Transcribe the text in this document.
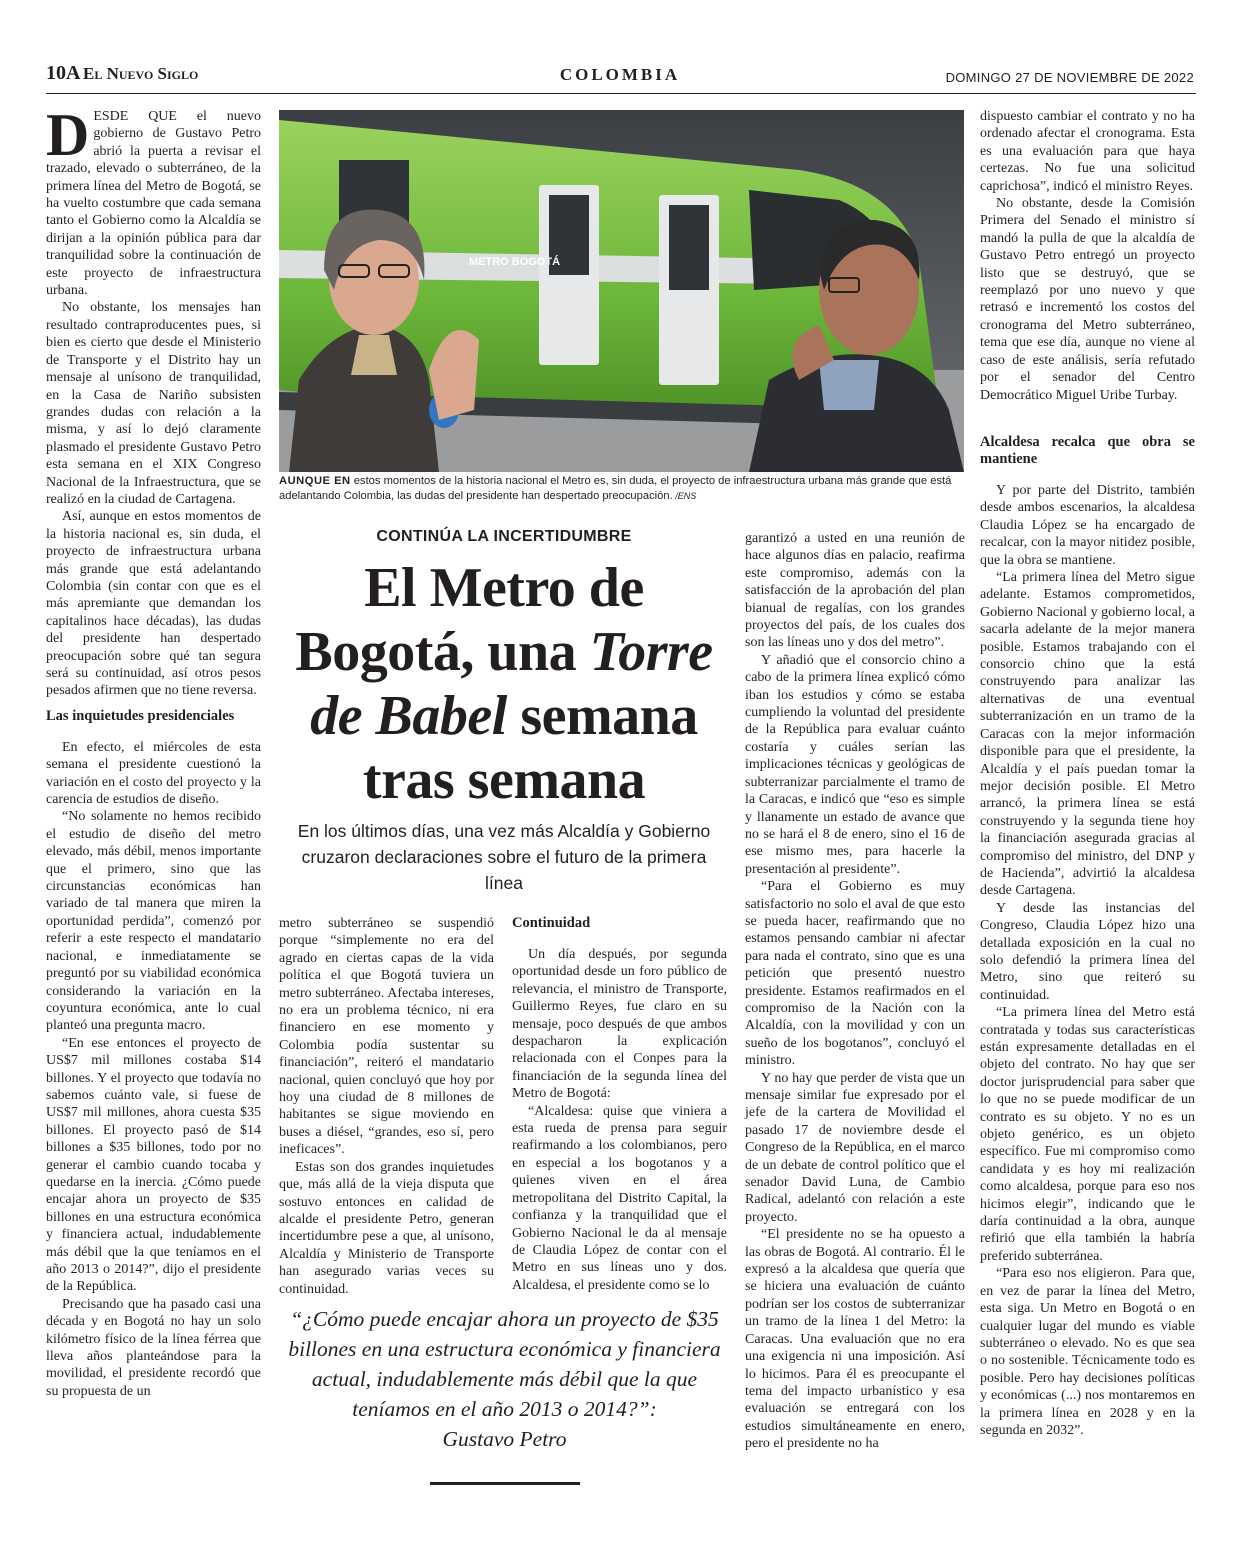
10A El Nuevo Siglo	COLOMBIA	DOMINGO 27 DE NOVIEMBRE DE 2022

DESDE QUE el nuevo gobierno de Gustavo Petro abrió la puerta a revisar el trazado, elevado o subterráneo, de la primera línea del Metro de Bogotá, se ha vuelto costumbre que cada semana tanto el Gobierno como la Alcaldía se dirijan a la opinión pública para dar tranquilidad sobre la continuación de este proyecto de infraestructura urbana.

No obstante, los mensajes han resultado contraproducentes pues, si bien es cierto que desde el Ministerio de Transporte y el Distrito hay un mensaje al unísono de tranquilidad, en la Casa de Nariño subsisten grandes dudas con relación a la misma, y así lo dejó claramente plasmado el presidente Gustavo Petro esta semana en el XIX Congreso Nacional de la Infraestructura, que se realizó en la ciudad de Cartagena.

Así, aunque en estos momentos de la historia nacional es, sin duda, el proyecto de infraestructura urbana más grande que está adelantando Colombia (sin contar con que es el más apremiante que demandan los capitalinos hace décadas), las dudas del presidente han despertado preocupación sobre qué tan segura será su continuidad, así otros pesos pesados afirmen que no tiene reversa.

Las inquietudes presidenciales

En efecto, el miércoles de esta semana el presidente cuestionó la variación en el costo del proyecto y la carencia de estudios de diseño.

“No solamente no hemos recibido el estudio de diseño del metro elevado, más débil, menos importante que el primero, sino que las circunstancias económicas han variado de tal manera que miren la oportunidad perdida”, comenzó por referir a este respecto el mandatario nacional, e inmediatamente se preguntó por su viabilidad económica considerando la variación en la coyuntura económica, ante lo cual planteó una pregunta macro.

“En ese entonces el proyecto de US$7 mil millones costaba $14 billones. Y el proyecto que todavía no sabemos cuánto vale, si fuese de US$7 mil millones, ahora cuesta $35 billones. El proyecto pasó de $14 billones a $35 billones, todo por no generar el cambio cuando tocaba y quedarse en la inercia. ¿Cómo puede encajar ahora un proyecto de $35 billones en una estructura económica y financiera actual, indudablemente más débil que la que teníamos en el año 2013 o 2014?”, dijo el presidente de la República.

Precisando que ha pasado casi una década y en Bogotá no hay un solo kilómetro físico de la línea férrea que lleva años planteándose para la movilidad, el presidente recordó que su propuesta de un

METRO BOGOTÁ
AUNQUE EN estos momentos de la historia nacional el Metro es, sin duda, el proyecto de infraestructura urbana más grande que está adelantando Colombia, las dudas del presidente han despertado preocupación. /ENS
CONTINÚA LA INCERTIDUMBRE
El Metro de Bogotá, una Torre de Babel semana tras semana
En los últimos días, una vez más Alcaldía y Gobierno cruzaron declaraciones sobre el futuro de la primera línea

metro subterráneo se suspendió porque “simplemente no era del agrado en ciertas capas de la vida política el que Bogotá tuviera un metro subterráneo. Afectaba intereses, no era un problema técnico, ni era financiero en ese momento y Colombia podía sustentar su financiación”, reiteró el mandatario nacional, quien concluyó que hoy por hoy una ciudad de 8 millones de habitantes se sigue moviendo en buses a diésel, “grandes, eso sí, pero ineficaces”.

Estas son dos grandes inquietudes que, más allá de la vieja disputa que sostuvo entonces en calidad de alcalde el presidente Petro, generan incertidumbre pese a que, al unísono, Alcaldía y Ministerio de Transporte han asegurado varias veces su continuidad.

Continuidad

Un día después, por segunda oportunidad desde un foro público de relevancia, el ministro de Transporte, Guillermo Reyes, fue claro en su mensaje, poco después de que ambos despacharon la explicación relacionada con el Conpes para la financiación de la segunda línea del Metro de Bogotá:

“Alcaldesa: quise que viniera a esta rueda de prensa para seguir reafirmando a los colombianos, pero en especial a los bogotanos y a quienes viven en el área metropolitana del Distrito Capital, la confianza y la tranquilidad que el Gobierno Nacional le da al mensaje de Claudia López de contar con el Metro en sus líneas uno y dos. Alcaldesa, el presidente como se lo

garantizó a usted en una reunión de hace algunos días en palacio, reafirma este compromiso, además con la satisfacción de la aprobación del plan bianual de regalías, con los grandes proyectos del país, de los cuales dos son las líneas uno y dos del metro”.

Y añadió que el consorcio chino a cabo de la primera línea explicó cómo iban los estudios y cómo se estaba cumpliendo la voluntad del presidente de la República para evaluar cuánto costaría y cuáles serían las implicaciones técnicas y geológicas de subterranizar parcialmente el tramo de la Caracas, e indicó que “eso es simple y llanamente un estado de avance que no se hará el 8 de enero, sino el 16 de ese mismo mes, para hacerle la presentación al presidente”.

“Para el Gobierno es muy satisfactorio no solo el aval de que esto se pueda hacer, reafirmando que no estamos pensando cambiar ni afectar para nada el contrato, sino que es una petición que presentó nuestro presidente. Estamos reafirmados en el compromiso de la Nación con la Alcaldía, con la movilidad y con un sueño de los bogotanos”, concluyó el ministro.

Y no hay que perder de vista que un mensaje similar fue expresado por el jefe de la cartera de Movilidad el pasado 17 de noviembre desde el Congreso de la República, en el marco de un debate de control político que el senador David Luna, de Cambio Radical, adelantó con relación a este proyecto.

“El presidente no se ha opuesto a las obras de Bogotá. Al contrario. Él le expresó a la alcaldesa que quería que se hiciera una evaluación de cuánto podrían ser los costos de subterranizar un tramo de la línea 1 del Metro: la Caracas. Una evaluación que no era una exigencia ni una imposición. Así lo hicimos. Para él es preocupante el tema del impacto urbanístico y esa evaluación se entregará con los estudios simultáneamente en enero, pero el presidente no ha

dispuesto cambiar el contrato y no ha ordenado afectar el cronograma. Esta es una evaluación para que haya certezas. No fue una solicitud caprichosa”, indicó el ministro Reyes.

No obstante, desde la Comisión Primera del Senado el ministro sí mandó la pulla de que la alcaldía de Gustavo Petro entregó un proyecto listo que se destruyó, que se reemplazó por uno nuevo y que retrasó e incrementó los costos del cronograma del Metro subterráneo, tema que ese día, aunque no viene al caso de este análisis, sería refutado por el senador del Centro Democrático Miguel Uribe Turbay.

Alcaldesa recalca que obra se mantiene

Y por parte del Distrito, también desde ambos escenarios, la alcaldesa Claudia López se ha encargado de recalcar, con la mayor nitidez posible, que la obra se mantiene.

“La primera línea del Metro sigue adelante. Estamos comprometidos, Gobierno Nacional y gobierno local, a sacarla adelante de la mejor manera posible. Estamos trabajando con el consorcio chino que la está construyendo para analizar las alternativas de una eventual subterranización en un tramo de la Caracas con la mejor información disponible para que el presidente, la Alcaldía y el país puedan tomar la mejor decisión posible. El Metro arrancó, la primera línea se está construyendo y la segunda tiene hoy la financiación asegurada gracias al compromiso del ministro, del DNP y de Hacienda”, advirtió la alcaldesa desde Cartagena.

Y desde las instancias del Congreso, Claudia López hizo una detallada exposición en la cual no solo defendió la primera línea del Metro, sino que reiteró su continuidad.

“La primera línea del Metro está contratada y todas sus características están expresamente detalladas en el objeto del contrato. No hay que ser doctor jurisprudencial para saber que lo que no se puede modificar de un contrato es su objeto. Y no es un objeto genérico, es un objeto específico. Fue mi compromiso como candidata y es hoy mi realización como alcaldesa, porque para eso nos hicimos elegir”, indicando que le daría continuidad a la obra, aunque refirió que ella también la habría preferido subterránea.

“Para eso nos eligieron. Para que, en vez de parar la línea del Metro, esta siga. Un Metro en Bogotá o en cualquier lugar del mundo es viable subterráneo o elevado. No es que sea o no sostenible. Técnicamente todo es posible. Pero hay decisiones políticas y económicas (...) nos montaremos en la primera línea en 2028 y en la segunda en 2032”.

“¿Cómo puede encajar ahora un proyecto de $35 billones en una estructura económica y financiera actual, indudablemente más débil que la que teníamos en el año 2013 o 2014?”:
Gustavo Petro
